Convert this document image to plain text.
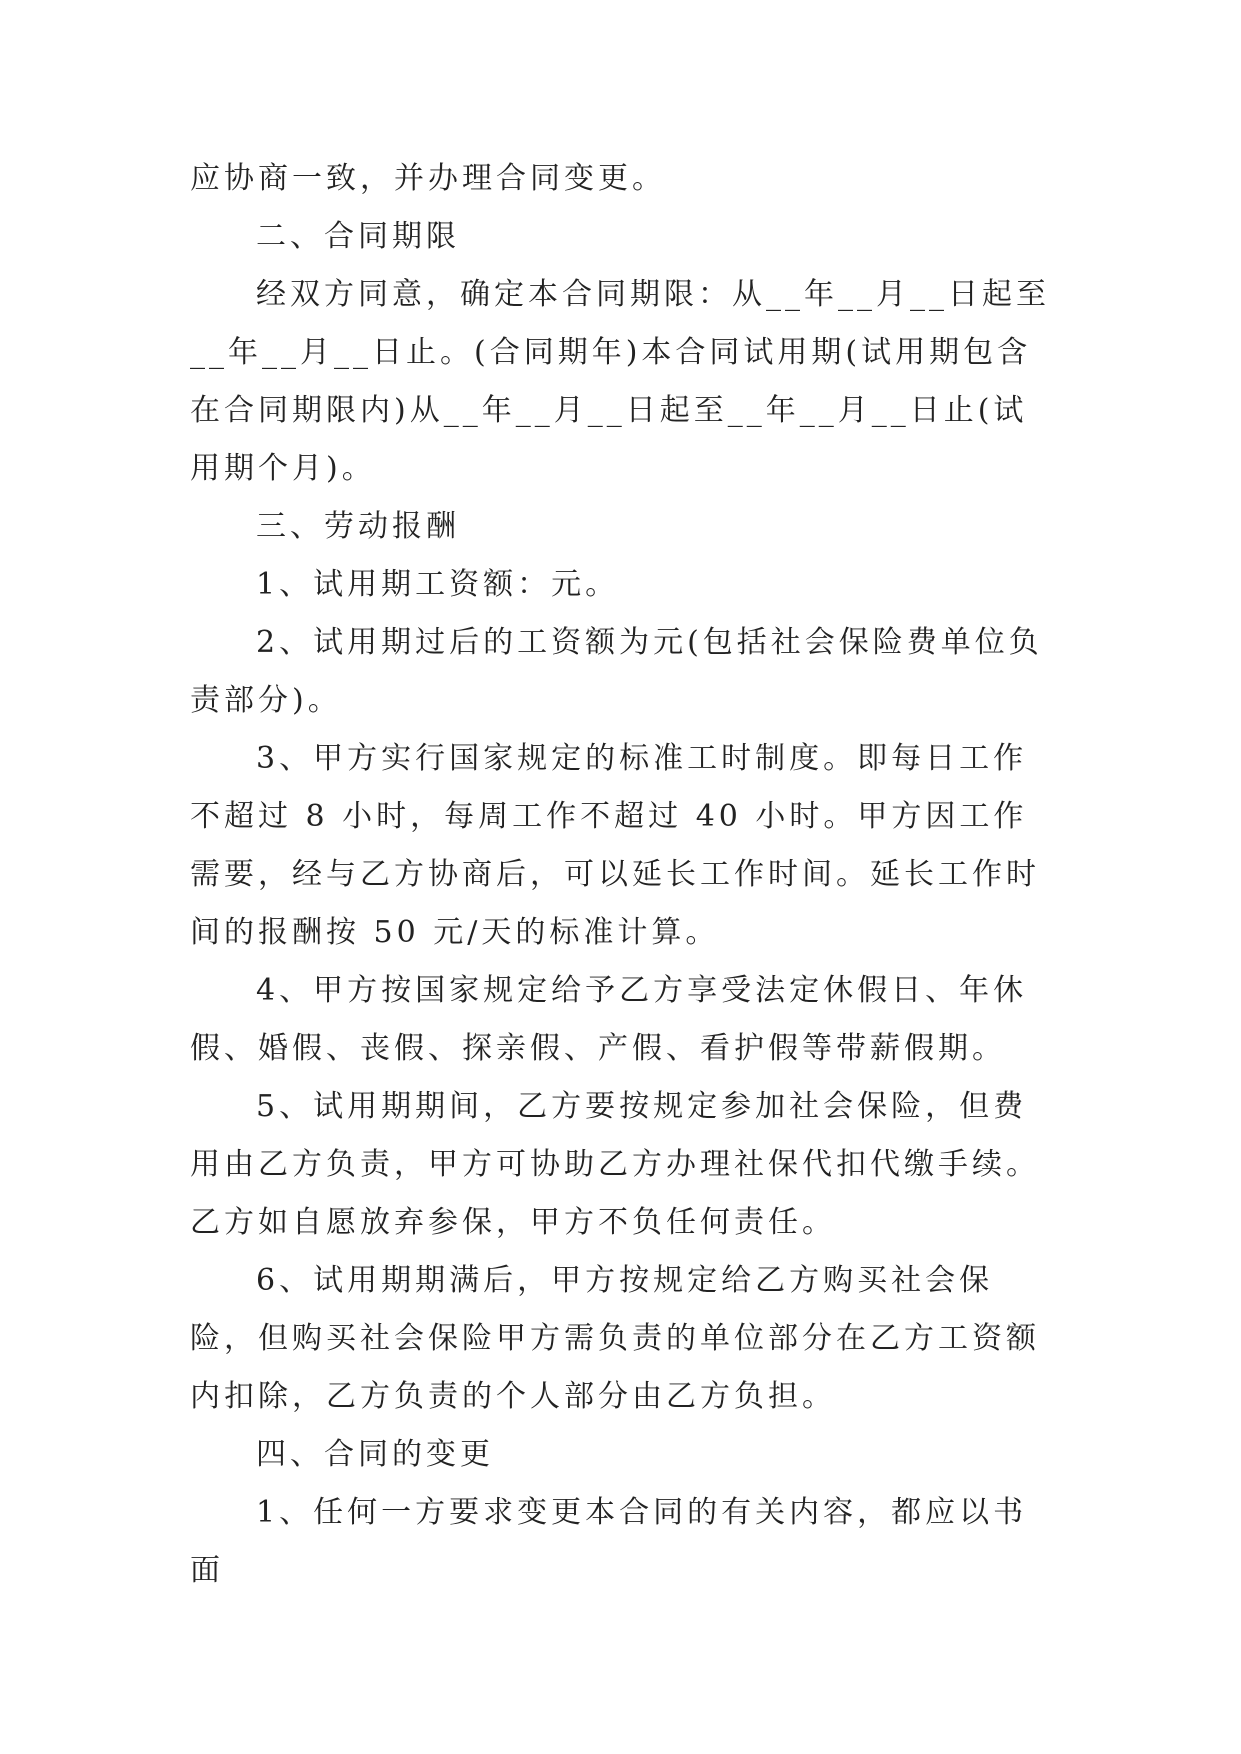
应协商一致，并办理合同变更。

二、合同期限

经双方同意，确定本合同期限：从__年__月__日起至__年__月__日止。(合同期年)本合同试用期(试用期包含在合同期限内)从__年__月__日起至__年__月__日止(试用期个月)。

三、劳动报酬

1、试用期工资额：元。

2、试用期过后的工资额为元(包括社会保险费单位负责部分)。

3、甲方实行国家规定的标准工时制度。即每日工作不超过 8 小时，每周工作不超过 40 小时。甲方因工作需要，经与乙方协商后，可以延长工作时间。延长工作时间的报酬按 50 元/天的标准计算。

4、甲方按国家规定给予乙方享受法定休假日、年休假、婚假、丧假、探亲假、产假、看护假等带薪假期。

5、试用期期间，乙方要按规定参加社会保险，但费用由乙方负责，甲方可协助乙方办理社保代扣代缴手续。乙方如自愿放弃参保，甲方不负任何责任。

6、试用期期满后，甲方按规定给乙方购买社会保险，但购买社会保险甲方需负责的单位部分在乙方工资额内扣除，乙方负责的个人部分由乙方负担。

四、合同的变更

1、任何一方要求变更本合同的有关内容，都应以书面
